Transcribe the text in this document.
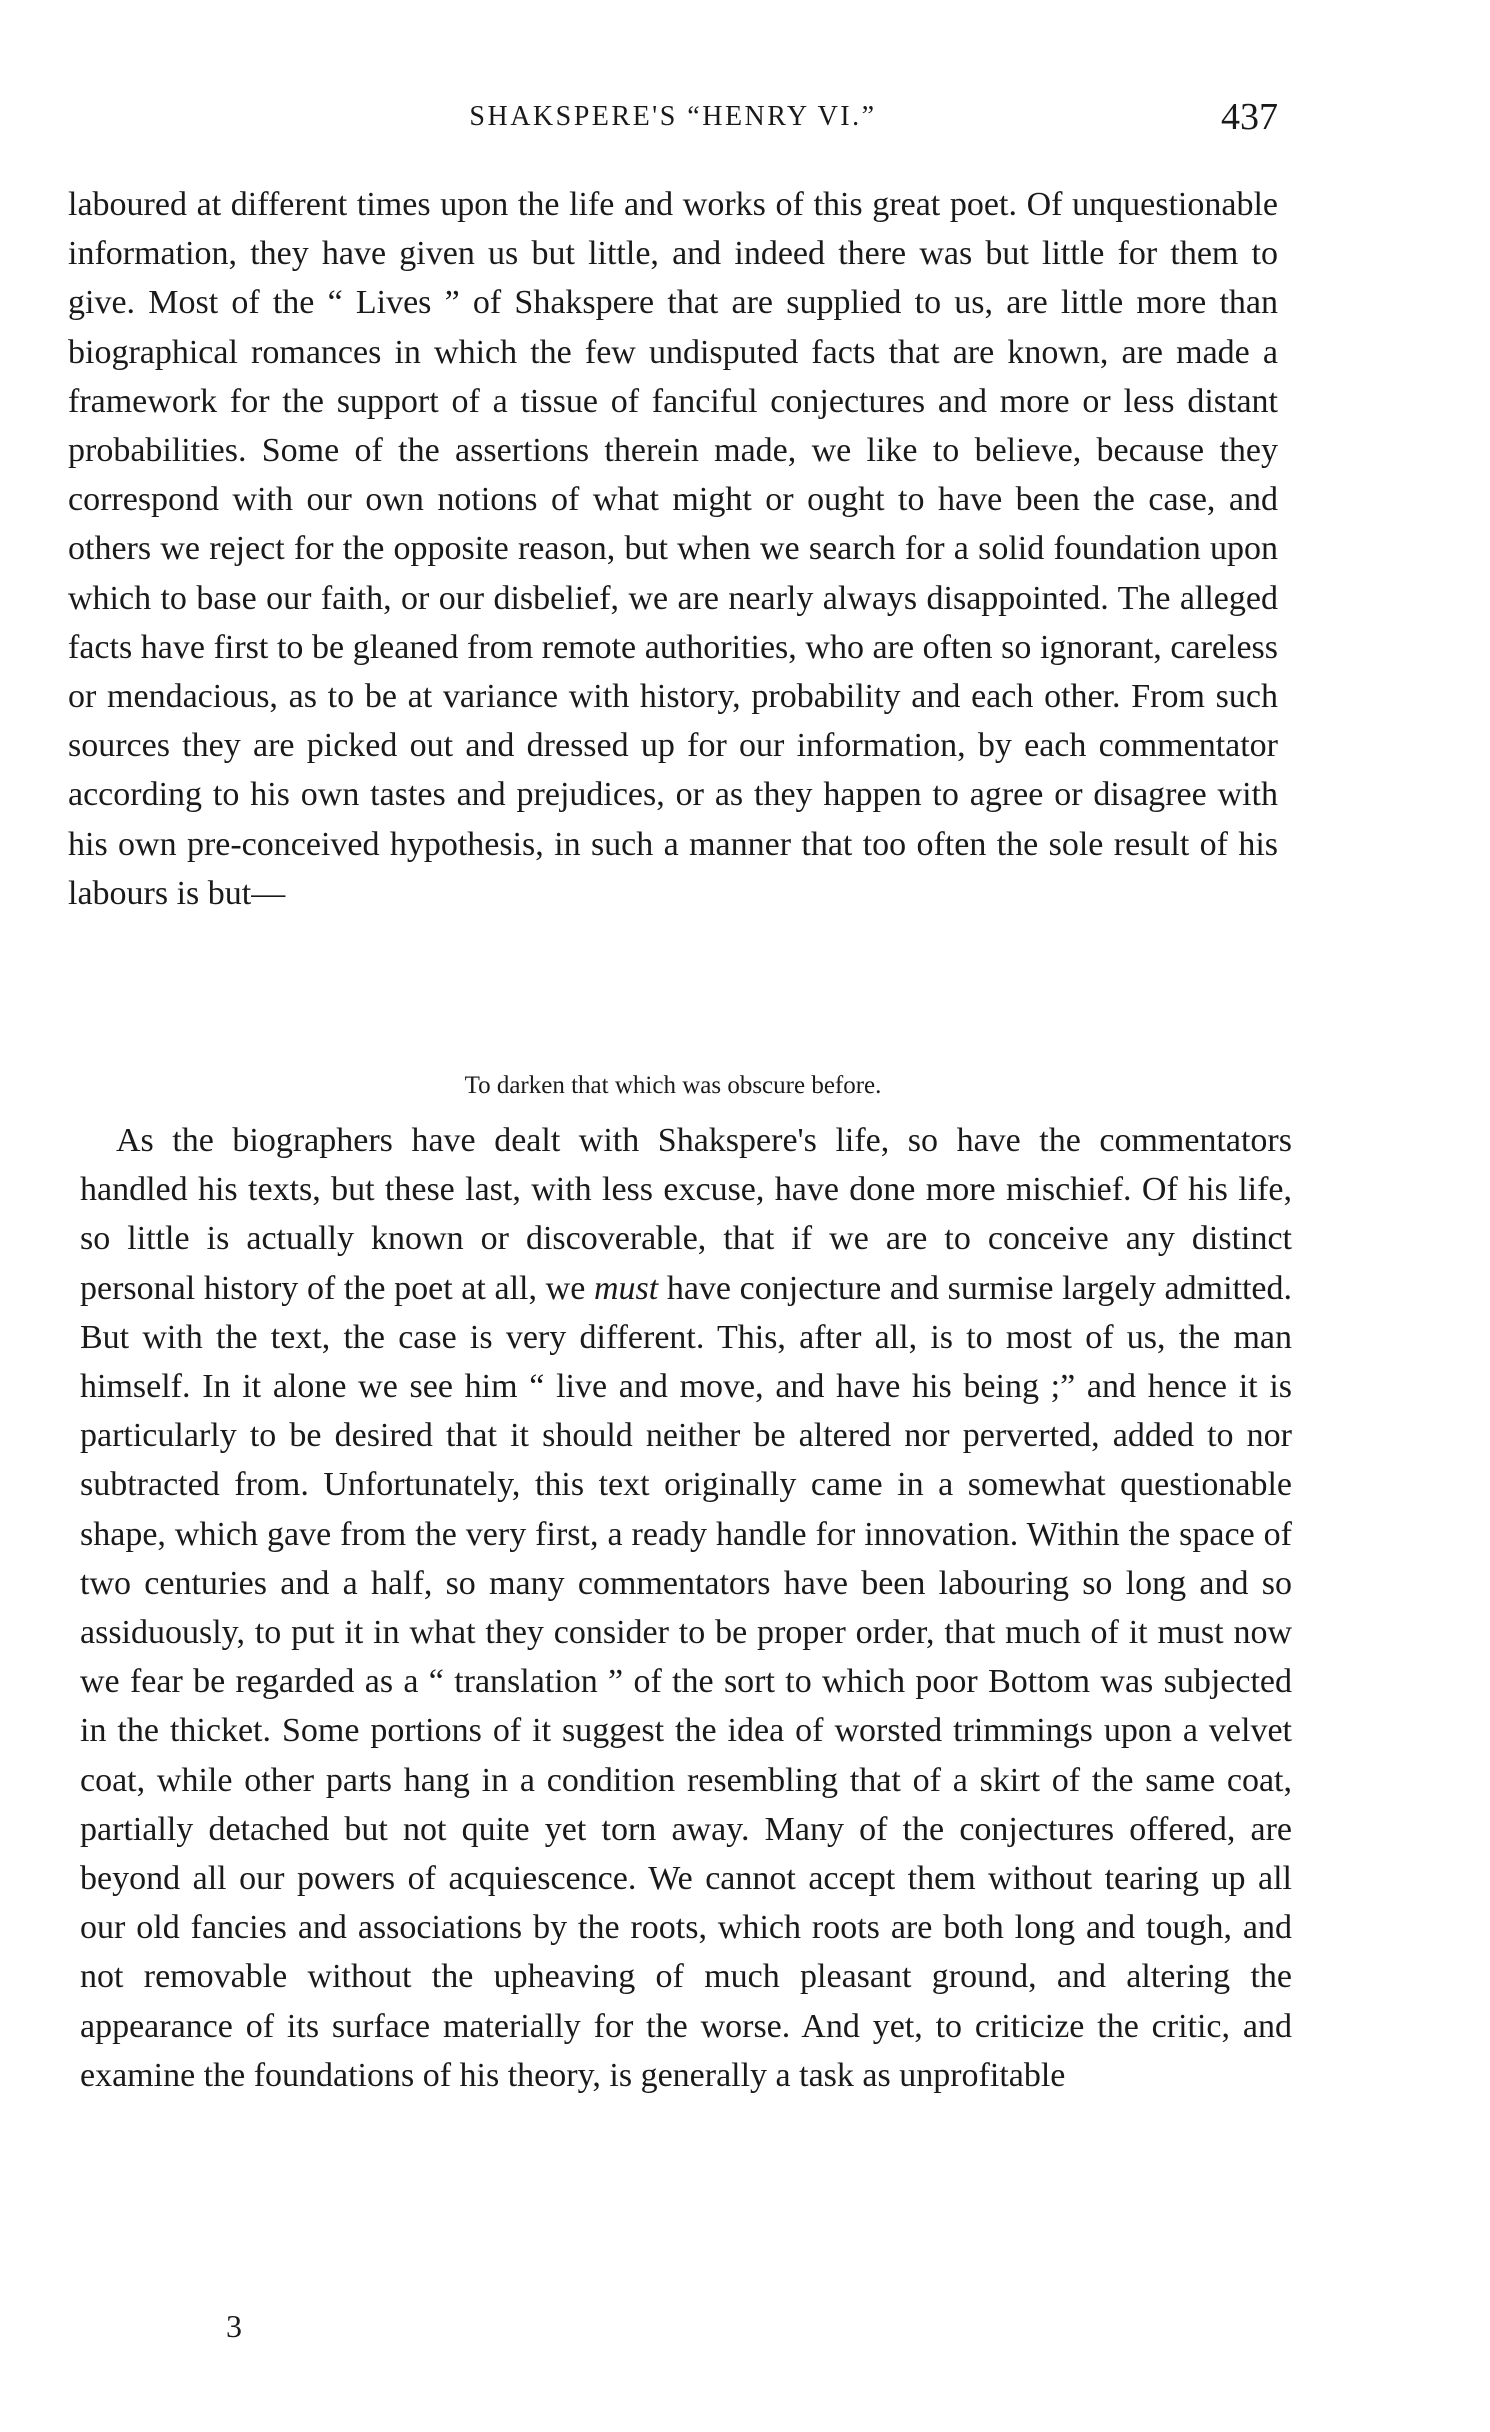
SHAKSPERE'S “HENRY VI.”	437

laboured at different times upon the life and works of this great poet. Of unquestionable information, they have given us but little, and indeed there was but little for them to give. Most of the “ Lives ” of Shakspere that are supplied to us, are little more than biographical romances in which the few undisputed facts that are known, are made a framework for the support of a tissue of fanciful conjectures and more or less distant probabilities. Some of the assertions therein made, we like to believe, because they correspond with our own notions of what might or ought to have been the case, and others we reject for the opposite reason, but when we search for a solid foundation upon which to base our faith, or our disbelief, we are nearly always disappointed. The alleged facts have first to be gleaned from remote authorities, who are often so ignorant, careless or mendacious, as to be at variance with history, probability and each other. From such sources they are picked out and dressed up for our information, by each commentator according to his own tastes and prejudices, or as they happen to agree or disagree with his own pre-conceived hypothesis, in such a manner that too often the sole result of his labours is but—

To darken that which was obscure before.

As the biographers have dealt with Shakspere's life, so have the commentators handled his texts, but these last, with less excuse, have done more mischief. Of his life, so little is actually known or discoverable, that if we are to conceive any distinct personal history of the poet at all, we must have conjecture and surmise largely admitted. But with the text, the case is very different. This, after all, is to most of us, the man himself. In it alone we see him “ live and move, and have his being ;” and hence it is particularly to be desired that it should neither be altered nor perverted, added to nor subtracted from. Unfortunately, this text originally came in a somewhat questionable shape, which gave from the very first, a ready handle for innovation. Within the space of two centuries and a half, so many commentators have been labouring so long and so assiduously, to put it in what they consider to be proper order, that much of it must now we fear be regarded as a “ translation ” of the sort to which poor Bottom was subjected in the thicket. Some portions of it suggest the idea of worsted trimmings upon a velvet coat, while other parts hang in a condition resembling that of a skirt of the same coat, partially detached but not quite yet torn away. Many of the conjectures offered, are beyond all our powers of acquiescence. We cannot accept them without tearing up all our old fancies and associations by the roots, which roots are both long and tough, and not removable without the upheaving of much pleasant ground, and altering the appearance of its surface materially for the worse. And yet, to criticize the critic, and examine the foundations of his theory, is generally a task as unprofitable

3
